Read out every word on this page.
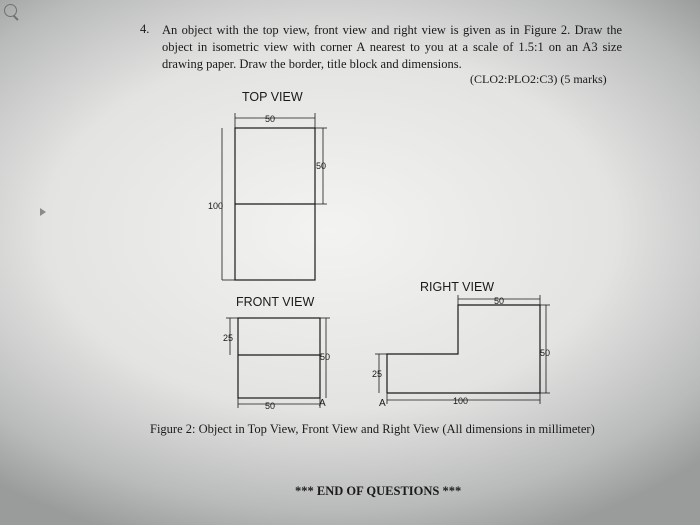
4. An object with the top view, front view and right view is given as in Figure 2. Draw the object in isometric view with corner A nearest to you at a scale of 1.5:1 on an A3 size drawing paper. Draw the border, title block and dimensions.

(CLO2:PLO2:C3) (5 marks)
TOP VIEW
FRONT VIEW
RIGHT VIEW
50
100
50
50
50
25
A
50
100
50
25
A
Figure 2: Object in Top View, Front View and Right View (All dimensions in millimeter)
*** END OF QUESTIONS ***
